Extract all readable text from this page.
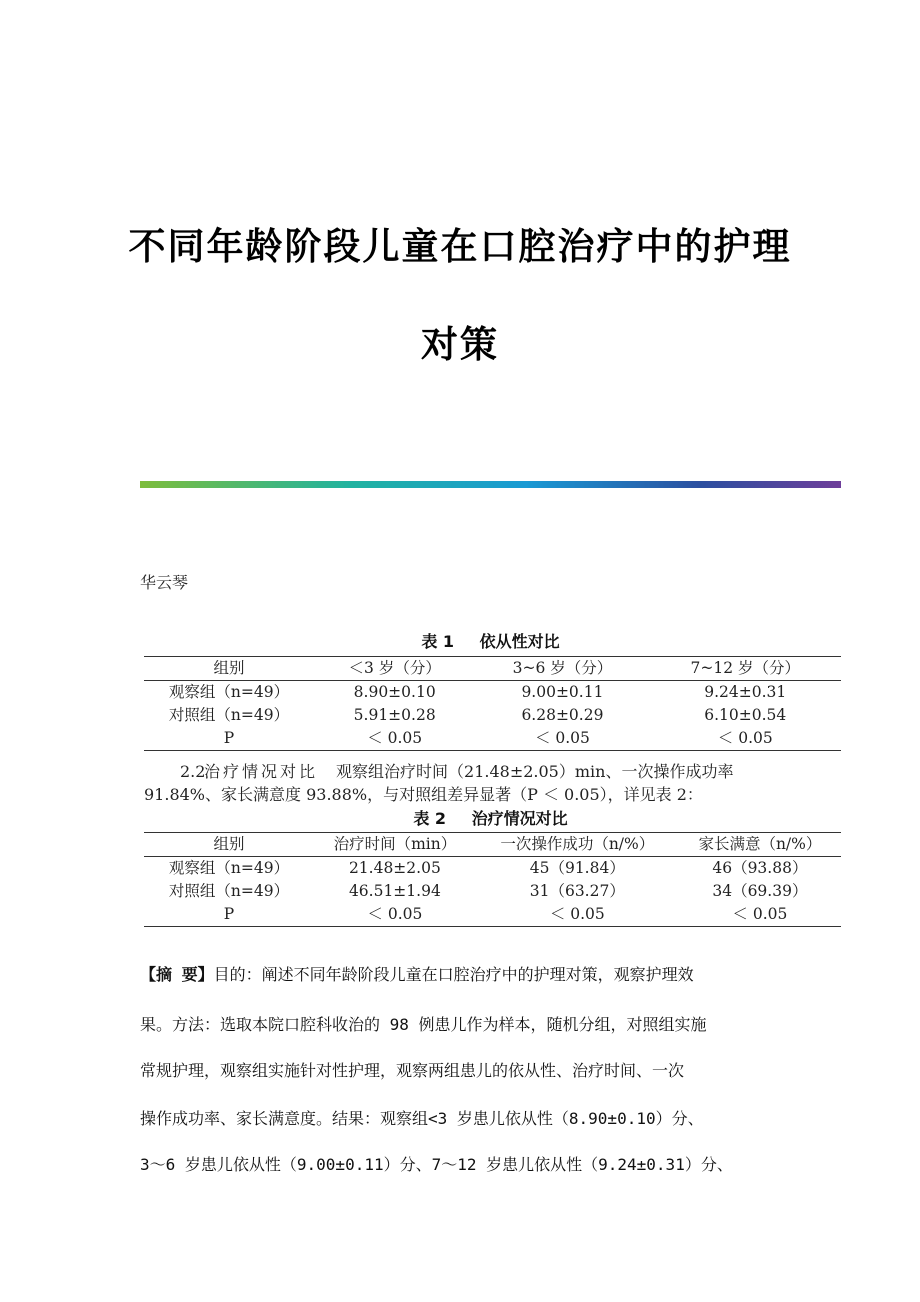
不同年龄阶段儿童在口腔治疗中的护理
对策
华云琴
表 1 依从性对比
组别	＜3 岁（分）	3~6 岁（分）	7~12 岁（分）
观察组（n=49）	8.90±0.10	9.00±0.11	9.24±0.31
对照组（n=49）	5.91±0.28	6.28±0.29	6.10±0.54
P	＜ 0.05	＜ 0.05	＜ 0.05
2.2治疗情况对比 观察组治疗时间（21.48±2.05）min、一次操作成功率
91.84%、家长满意度 93.88%，与对照组差异显著（P ＜ 0.05），详见表 2：
表 2 治疗情况对比
组别	治疗时间（min）	一次操作成功（n/%）	家长满意（n/%）
观察组（n=49）	21.48±2.05	45（91.84）	46（93.88）
对照组（n=49）	46.51±1.94	31（63.27）	34（69.39）
P	＜ 0.05	＜ 0.05	＜ 0.05
【摘 要】目的：阐述不同年龄阶段儿童在口腔治疗中的护理对策，观察护理效
果。方法：选取本院口腔科收治的 98 例患儿作为样本，随机分组，对照组实施
常规护理，观察组实施针对性护理，观察两组患儿的依从性、治疗时间、一次
操作成功率、家长满意度。结果：观察组<3 岁患儿依从性（8.90±0.10）分、
3～6 岁患儿依从性（9.00±0.11）分、7～12 岁患儿依从性（9.24±0.31）分、
